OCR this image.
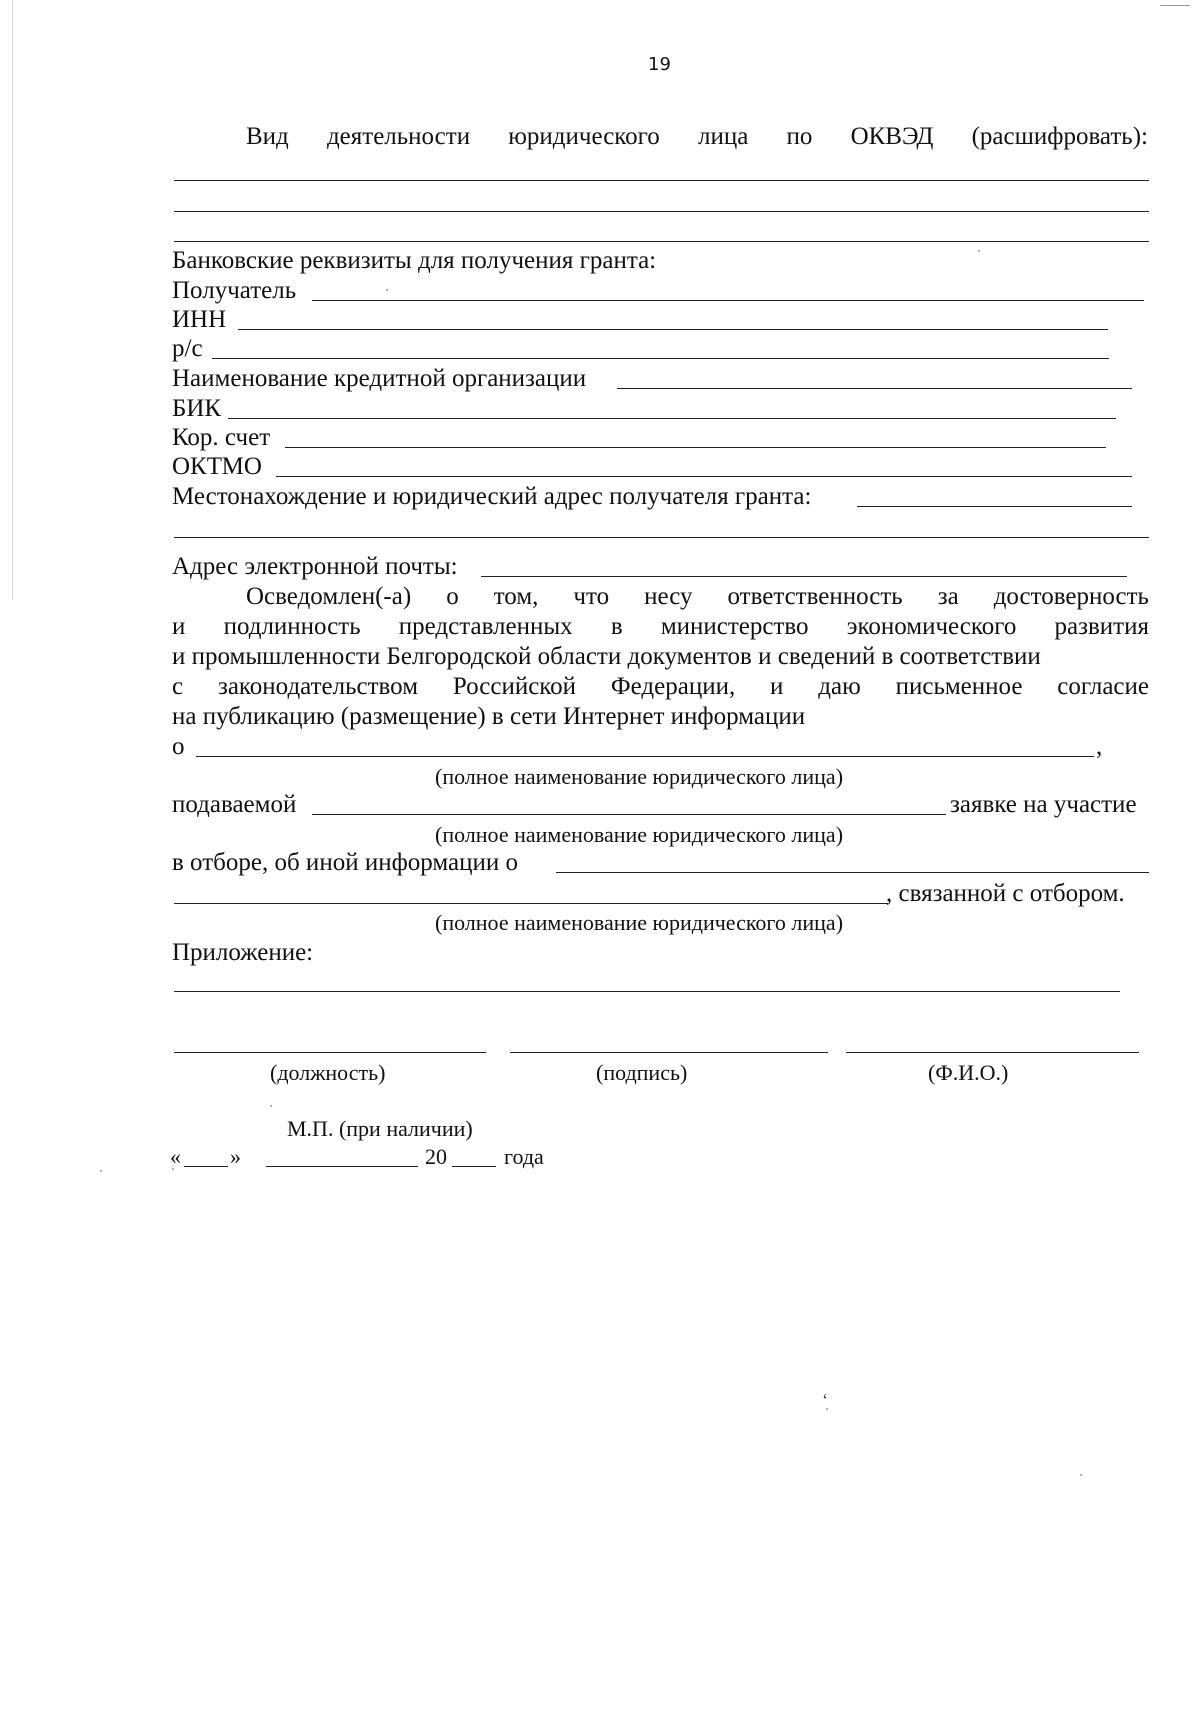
ʻ
19
Вид деятельности юридического лица по ОКВЭД (расшифровать):
Банковские реквизиты для получения гранта:
Получатель
ИНН
р/с
Наименование кредитной организации
БИК
Кор. счет
ОКТМО
Местонахождение и юридический адрес получателя гранта:
Адрес электронной почты:
Осведомлен(-а) о том, что несу ответственность за достоверность
и подлинность представленных в министерство экономического развития
и промышленности Белгородской области документов и сведений в соответствии
с законодательством Российской Федерации, и даю письменное согласие
на публикацию (размещение) в сети Интернет информации
о	,
(полное наименование юридического лица)
подаваемой	заявке на участие
(полное наименование юридического лица)
в отборе, об иной информации о
, связанной с отбором.
(полное наименование юридического лица)
Приложение:
(должность)	(подпись)	(Ф.И.О.)
М.П. (при наличии)
« »	20	года
